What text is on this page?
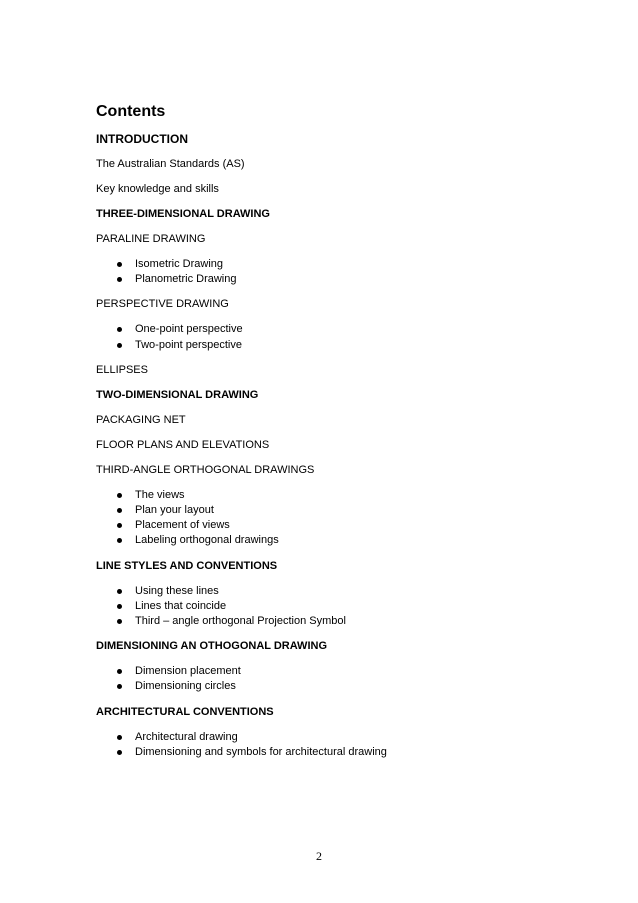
Contents
INTRODUCTION
The Australian Standards (AS)
Key knowledge and skills
THREE-DIMENSIONAL DRAWING
PARALINE DRAWING
Isometric Drawing
Planometric Drawing
PERSPECTIVE DRAWING
One-point perspective
Two-point perspective
ELLIPSES
TWO-DIMENSIONAL DRAWING
PACKAGING NET
FLOOR PLANS AND ELEVATIONS
THIRD-ANGLE ORTHOGONAL DRAWINGS
The views
Plan your layout
Placement of views
Labeling orthogonal drawings
LINE STYLES AND CONVENTIONS
Using these lines
Lines that coincide
Third – angle orthogonal Projection Symbol
DIMENSIONING AN OTHOGONAL DRAWING
Dimension placement
Dimensioning circles
ARCHITECTURAL CONVENTIONS
Architectural drawing
Dimensioning and symbols for architectural drawing
2
